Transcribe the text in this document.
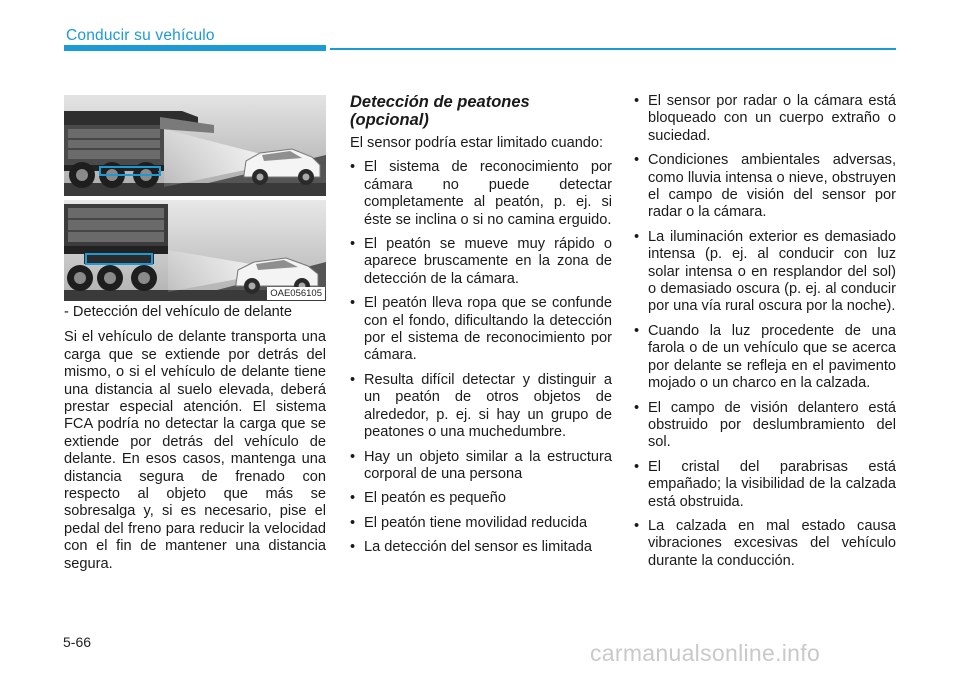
Conducir su vehículo
OAE056105

- Detección del vehículo de delante

Si el vehículo de delante transporta una carga que se extiende por detrás del mismo, o si el vehículo de delante tiene una distancia al suelo elevada, deberá prestar especial atención. El sistema FCA podría no detectar la carga que se extiende por detrás del vehículo de delante. En esos casos, mantenga una distancia segura de frenado con respecto al objeto que más se sobresalga y, si es necesario, pise el pedal del freno para reducir la velocidad con el fin de mantener una distancia segura.

Detección de peatones (opcional)

El sensor podría estar limitado cuando:

• El sistema de reconocimiento por cámara no puede detectar completamente al peatón, p. ej. si éste se inclina o si no camina erguido.
• El peatón se mueve muy rápido o aparece bruscamente en la zona de detección de la cámara.
• El peatón lleva ropa que se confunde con el fondo, dificultando la detección por el sistema de reconocimiento por cámara.
• Resulta difícil detectar y distinguir a un peatón de otros objetos de alrededor, p. ej. si hay un grupo de peatones o una muchedumbre.
• Hay un objeto similar a la estructura corporal de una persona
• El peatón es pequeño
• El peatón tiene movilidad reducida
• La detección del sensor es limitada
• El sensor por radar o la cámara está bloqueado con un cuerpo extraño o suciedad.
• Condiciones ambientales adversas, como lluvia intensa o nieve, obstruyen el campo de visión del sensor por radar o la cámara.
• La iluminación exterior es demasiado intensa (p. ej. al conducir con luz solar intensa o en resplandor del sol) o demasiado oscura (p. ej. al conducir por una vía rural oscura por la noche).
• Cuando la luz procedente de una farola o de un vehículo que se acerca por delante se refleja en el pavimento mojado o un charco en la calzada.
• El campo de visión delantero está obstruido por deslumbramiento del sol.
• El cristal del parabrisas está empañado; la visibilidad de la calzada está obstruida.
• La calzada en mal estado causa vibraciones excesivas del vehículo durante la conducción.
5-66	carmanualsonline.info
